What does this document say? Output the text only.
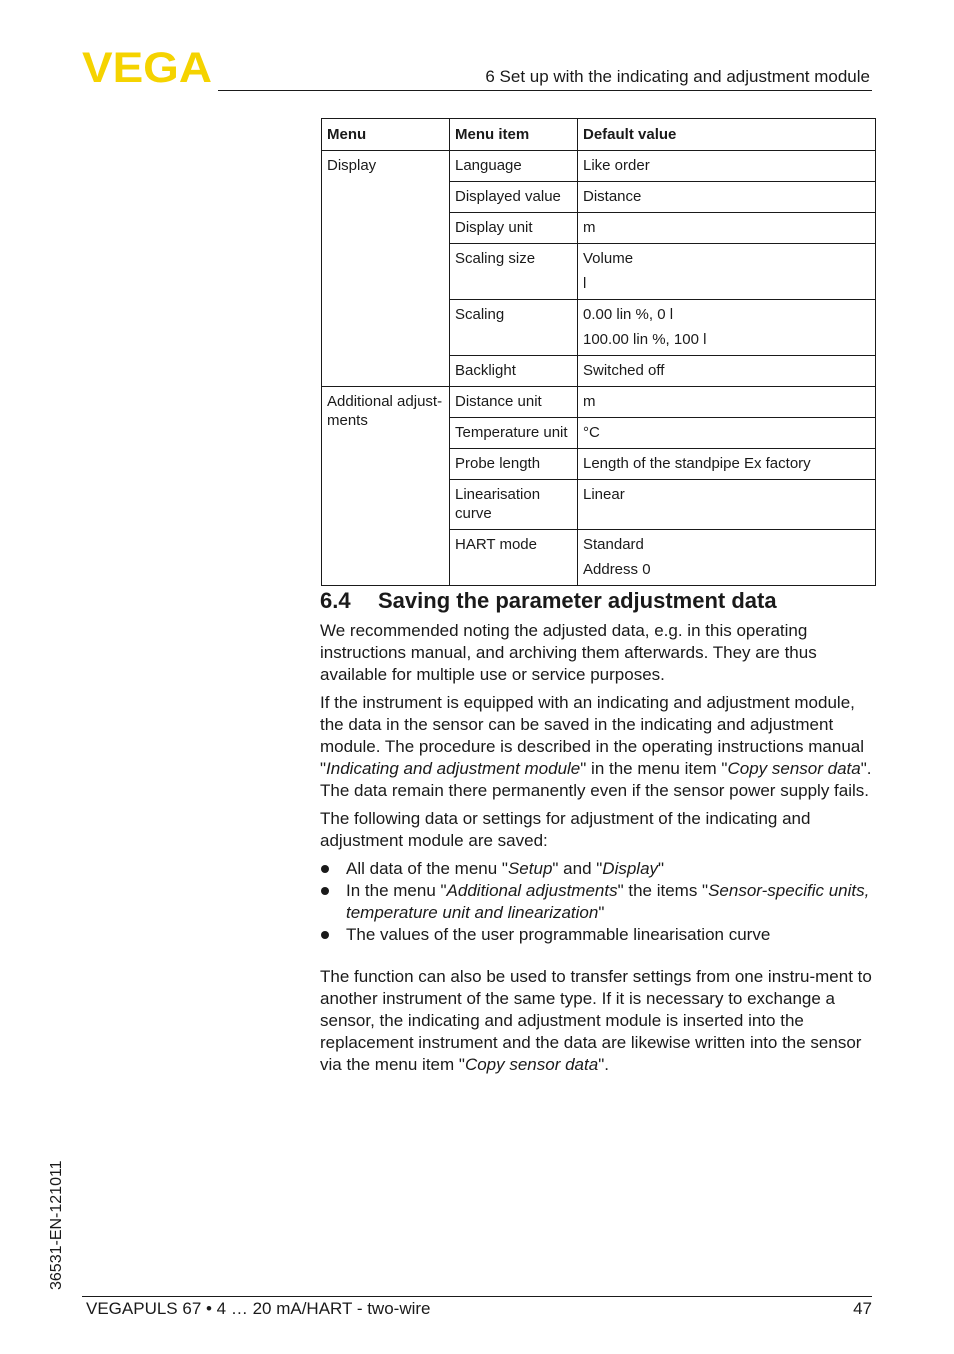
VEGA	6 Set up with the indicating and adjustment module
Menu	Menu item	Default value
Display	Language	Like order

	Displayed value	Distance

	Display unit	m

	Scaling size	Volume
l

	Scaling	0.00 lin %, 0 l
100.00 lin %, 100 l

	Backlight	Switched off

Additional adjust-ments	Distance unit	m

	Temperature unit	°C

	Probe length	Length of the standpipe Ex factory

	Linearisation curve	Linear

	HART mode	Standard
Address 0
6.4 Saving the parameter adjustment data

We recommended noting the adjusted data, e.g. in this operating instructions manual, and archiving them afterwards. They are thus available for multiple use or service purposes.

If the instrument is equipped with an indicating and adjustment module, the data in the sensor can be saved in the indicating and adjustment module. The procedure is described in the operating instructions manual "Indicating and adjustment module" in the menu item "Copy sensor data". The data remain there permanently even if the sensor power supply fails.

The following data or settings for adjustment of the indicating and adjustment module are saved:

All data of the menu "Setup" and "Display"
In the menu "Additional adjustments" the items "Sensor-specific units, temperature unit and linearization"
The values of the user programmable linearisation curve

The function can also be used to transfer settings from one instru-ment to another instrument of the same type. If it is necessary to exchange a sensor, the indicating and adjustment module is inserted into the replacement instrument and the data are likewise written into the sensor via the menu item "Copy sensor data".

36531-EN-121011
VEGAPULS 67 • 4 … 20 mA/HART - two-wire	47
